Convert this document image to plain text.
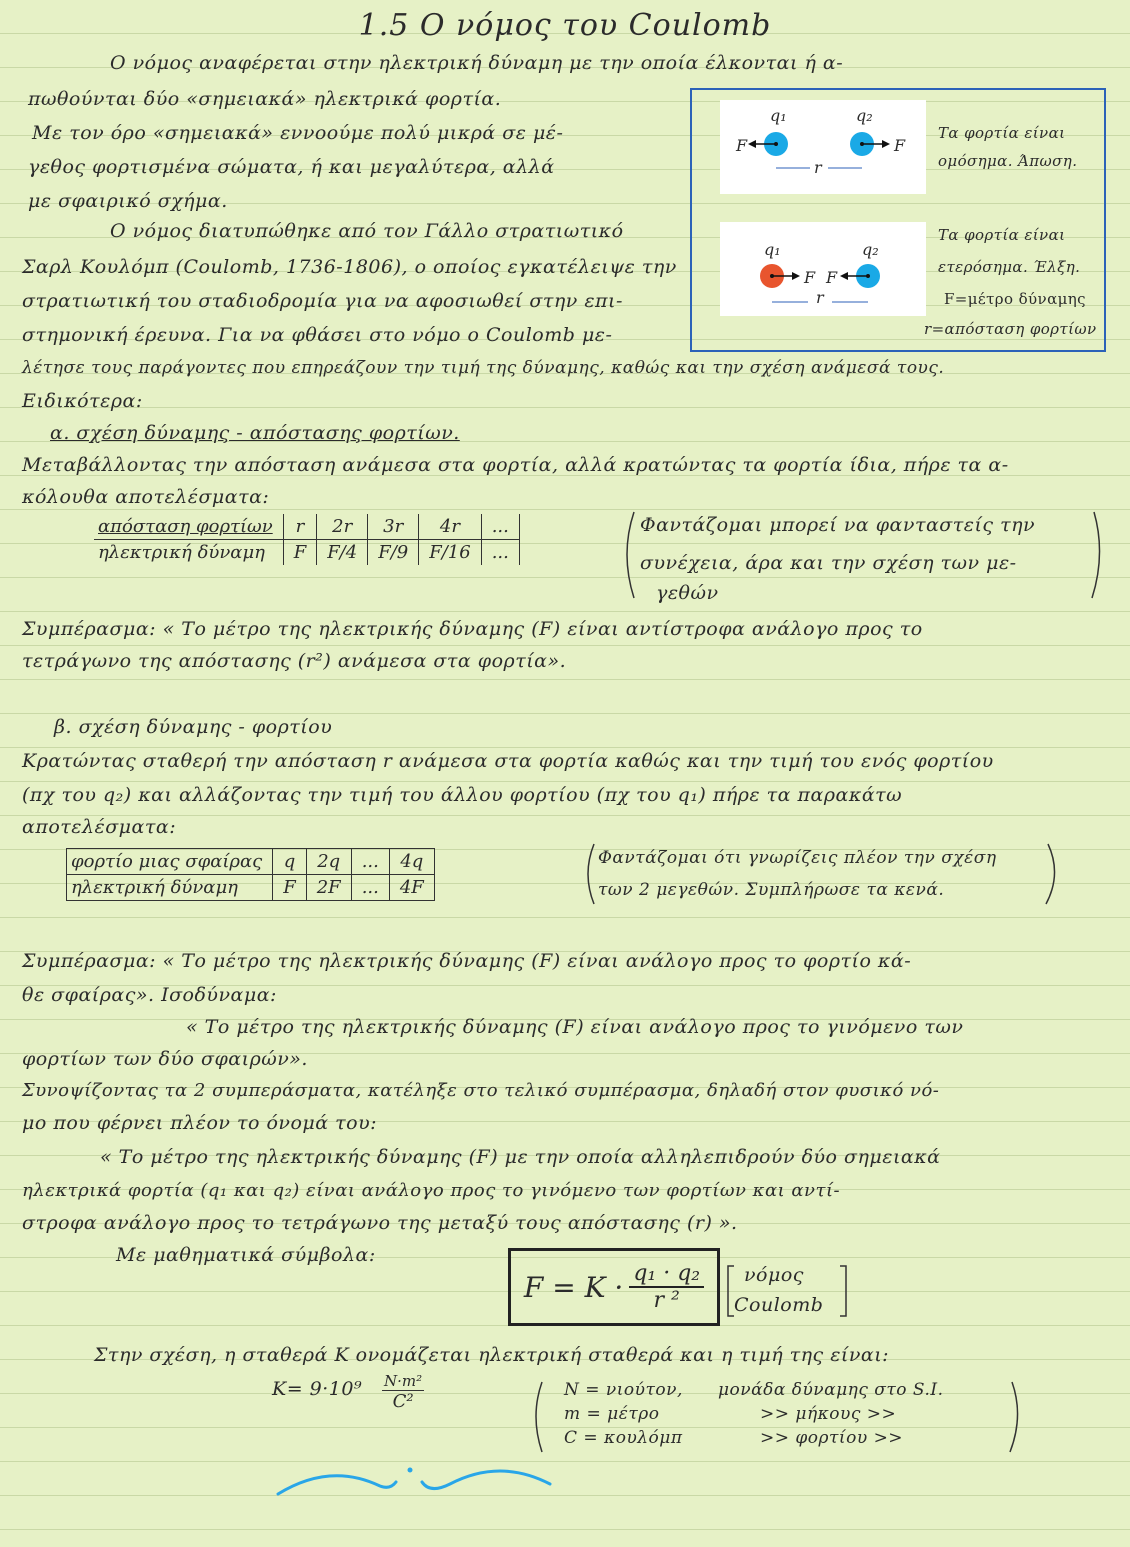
1.5 Ο νόμος του Coulomb
Ο νόμος αναφέρεται στην ηλεκτρική δύναμη με την οποία έλκονται ή α-
πωθούνται δύο «σημειακά» ηλεκτρικά φορτία.
Με τον όρο «σημειακά» εννοούμε πολύ μικρά σε μέ-
γεθος φορτισμένα σώματα, ή και μεγαλύτερα, αλλά
με σφαιρικό σχήμα.
Ο νόμος διατυπώθηκε από τον Γάλλο στρατιωτικό
Σαρλ Κουλόμπ (Coulomb, 1736-1806), ο οποίος εγκατέλειψε την
στρατιωτική του σταδιοδρομία για να αφοσιωθεί στην επι-
στημονική έρευνα. Για να φθάσει στο νόμο ο Coulomb με-
λέτησε τους παράγοντες που επηρεάζουν την τιμή της δύναμης, καθώς και την σχέση ανάμεσά τους.
Ειδικότερα:
q₁	q₂
F	F
r
Τα φορτία είναι
ομόσημα. Άπωση.
q₁	q₂
F F
r
Τα φορτία είναι
ετερόσημα. Έλξη.
F=μέτρο δύναμης
r=απόσταση φορτίων
α. σχέση δύναμης - απόστασης φορτίων.
Μεταβάλλοντας την απόσταση ανάμεσα στα φορτία, αλλά κρατώντας τα φορτία ίδια, πήρε τα α-
κόλουθα αποτελέσματα:
απόσταση φορτίων	r	2r	3r	4r	...
ηλεκτρική δύναμη	F	F/4	F/9	F/16	...
Φαντάζομαι μπορεί να φανταστείς την
συνέχεια, άρα και την σχέση των με-
γεθών
Συμπέρασμα: « Το μέτρο της ηλεκτρικής δύναμης (F) είναι αντίστροφα ανάλογο προς το
τετράγωνο της απόστασης (r²) ανάμεσα στα φορτία».
β. σχέση δύναμης - φορτίου
Κρατώντας σταθερή την απόσταση r ανάμεσα στα φορτία καθώς και την τιμή του ενός φορτίου
(πχ του q₂) και αλλάζοντας την τιμή του άλλου φορτίου (πχ του q₁) πήρε τα παρακάτω
αποτελέσματα:
φορτίο μιας σφαίρας	q	2q	...	4q
ηλεκτρική δύναμη	F	2F	...	4F
Φαντάζομαι ότι γνωρίζεις πλέον την σχέση
των 2 μεγεθών. Συμπλήρωσε τα κενά.
Συμπέρασμα: « Το μέτρο της ηλεκτρικής δύναμης (F) είναι ανάλογο προς το φορτίο κά-
θε σφαίρας». Ισοδύναμα:
« Το μέτρο της ηλεκτρικής δύναμης (F) είναι ανάλογο προς το γινόμενο των
φορτίων των δύο σφαιρών».
Συνοψίζοντας τα 2 συμπεράσματα, κατέληξε στο τελικό συμπέρασμα, δηλαδή στον φυσικό νό-
μο που φέρνει πλέον το όνομά του:
« Το μέτρο της ηλεκτρικής δύναμης (F) με την οποία αλληλεπιδρούν δύο σημειακά
ηλεκτρικά φορτία (q₁ και q₂) είναι ανάλογο προς το γινόμενο των φορτίων και αντί-
στροφα ανάλογο προς το τετράγωνο της μεταξύ τους απόστασης (r) ».
Με μαθηματικά σύμβολα:
$F = K \cdot \frac{\text{q₁ · q₂}}{\text{r ²}}$ νόμος
Coulomb
Στην σχέση, η σταθερά K ονομάζεται ηλεκτρική σταθερά και η τιμή της είναι:
K= 9·10⁹ N·m²
C²
N = νιούτον, μονάδα δύναμης στο S.I.
m = μέτρο	>> μήκους >>
C = κουλόμπ	>> φορτίου >>
